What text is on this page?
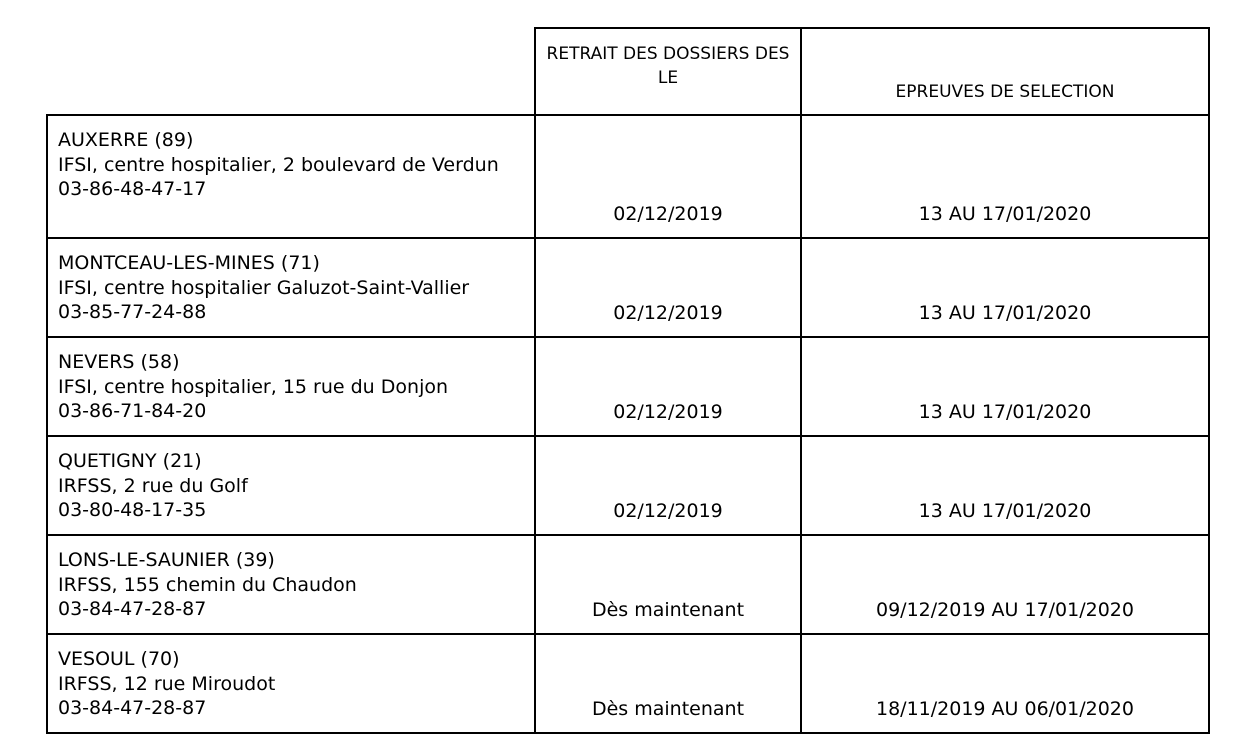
	RETRAIT DES DOSSIERS DES LE	EPREUVES DE SELECTION

AUXERRE (89)
IFSI, centre hospitalier, 2 boulevard de Verdun
03-86-48-47-17	02/12/2019	13 AU 17/01/2020

MONTCEAU-LES-MINES (71)
IFSI, centre hospitalier Galuzot-Saint-Vallier
03-85-77-24-88	02/12/2019	13 AU 17/01/2020

NEVERS (58)
IFSI, centre hospitalier, 15 rue du Donjon
03-86-71-84-20	02/12/2019	13 AU 17/01/2020

QUETIGNY (21)
IRFSS, 2 rue du Golf
03-80-48-17-35	02/12/2019	13 AU 17/01/2020

LONS-LE-SAUNIER (39)
IRFSS, 155 chemin du Chaudon
03-84-47-28-87	Dès maintenant	09/12/2019 AU 17/01/2020

VESOUL (70)
IRFSS, 12 rue Miroudot
03-84-47-28-87	Dès maintenant	18/11/2019 AU 06/01/2020
